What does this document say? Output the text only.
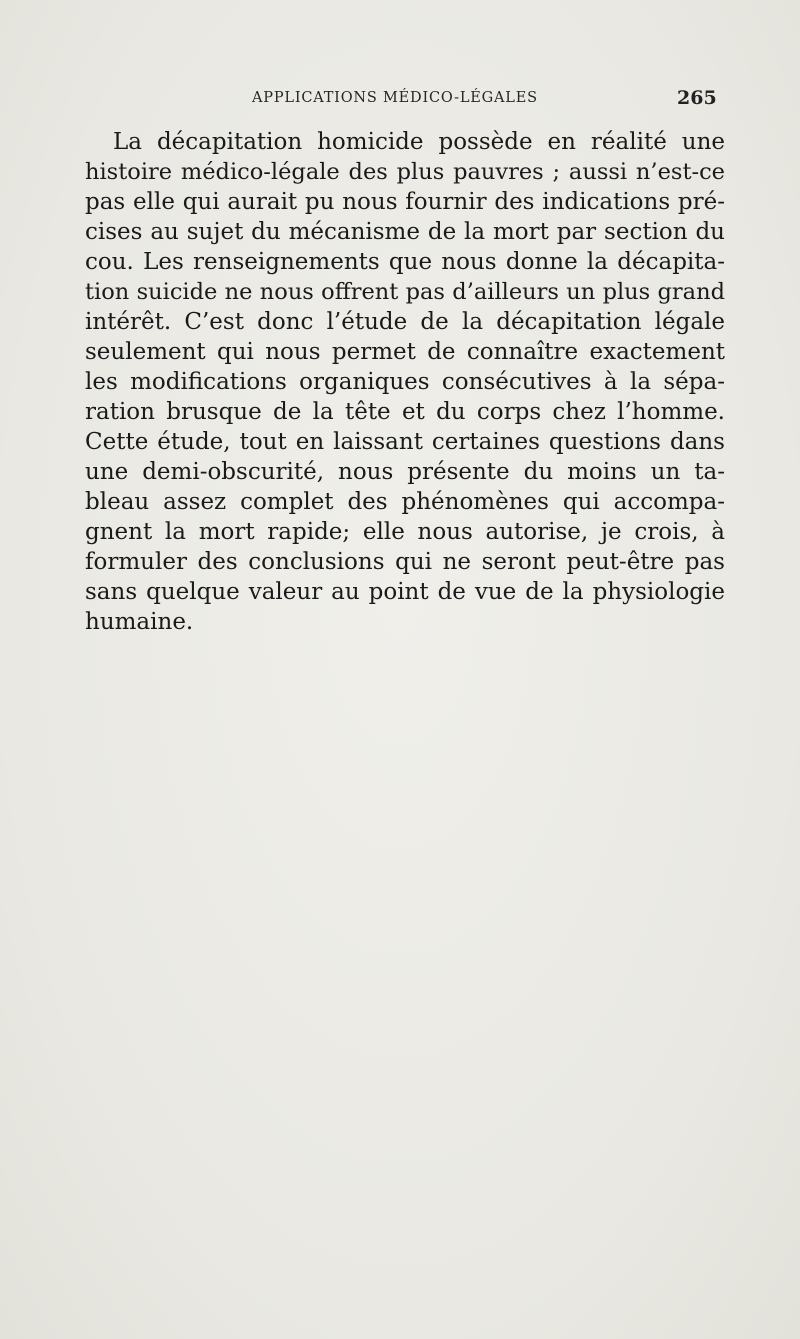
APPLICATIONS MÉDICO-LÉGALES	265
La décapitation homicide possède en réalité une
histoire médico-légale des plus pauvres ; aussi n’est-ce
pas elle qui aurait pu nous fournir des indications pré-
cises au sujet du mécanisme de la mort par section du
cou. Les renseignements que nous donne la décapita-
tion suicide ne nous offrent pas d’ailleurs un plus grand
intérêt. C’est donc l’étude de la décapitation légale
seulement qui nous permet de connaître exactement
les modifications organiques consécutives à la sépa-
ration brusque de la tête et du corps chez l’homme.
Cette étude, tout en laissant certaines questions dans
une demi-obscurité, nous présente du moins un ta-
bleau assez complet des phénomènes qui accompa-
gnent la mort rapide; elle nous autorise, je crois, à
formuler des conclusions qui ne seront peut-être pas
sans quelque valeur au point de vue de la physiologie
humaine.
